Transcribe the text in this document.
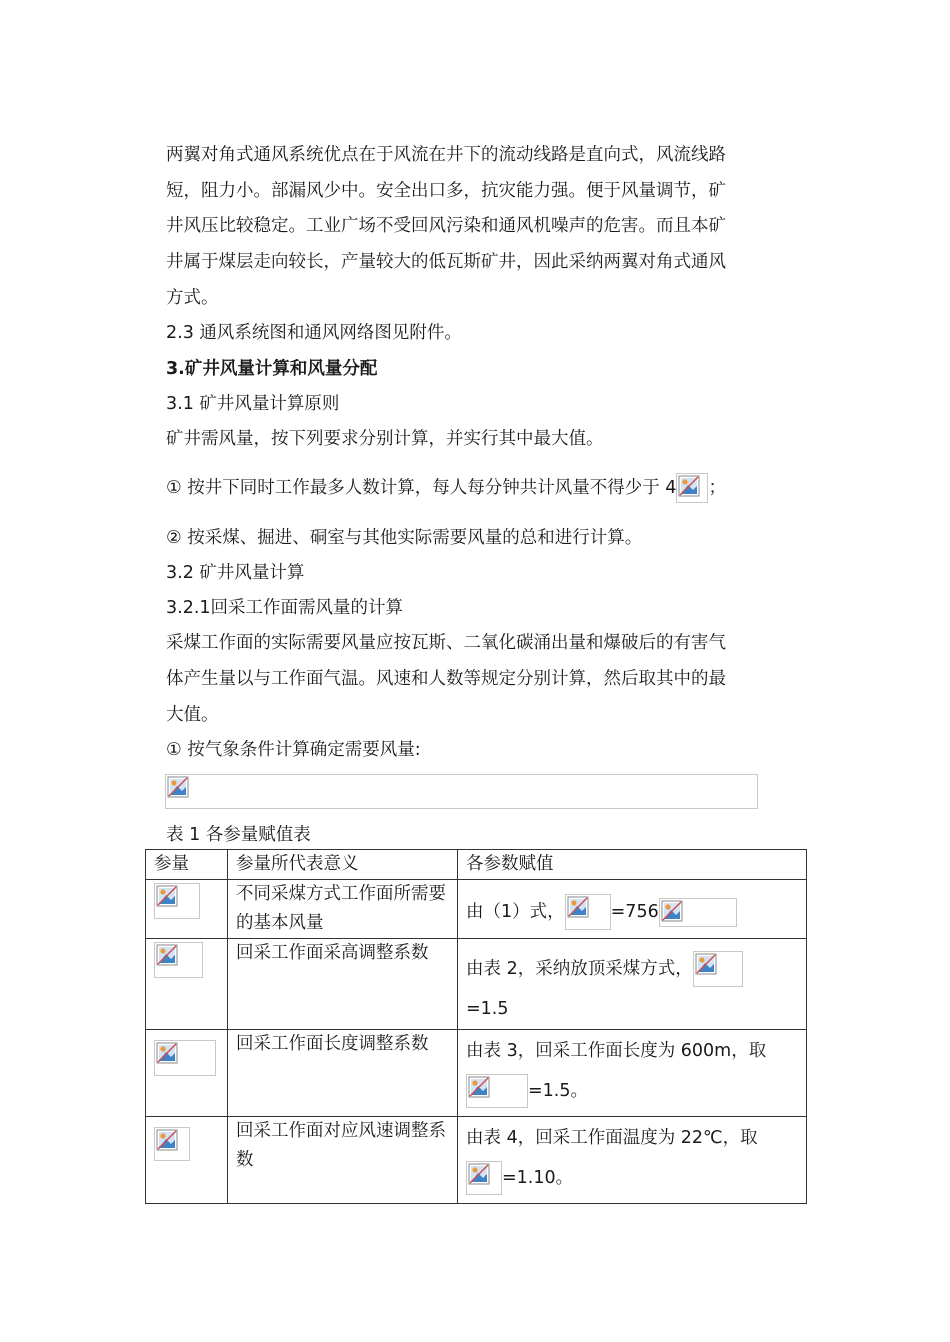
两翼对角式通风系统优点在于风流在井下的流动线路是直向式，风流线路
短，阻力小。部漏风少中。安全出口多，抗灾能力强。便于风量调节，矿
井风压比较稳定。工业广场不受回风污染和通风机噪声的危害。而且本矿
井属于煤层走向较长，产量较大的低瓦斯矿井，因此采纳两翼对角式通风
方式。
2.3 通风系统图和通风网络图见附件。
3.矿井风量计算和风量分配
3.1 矿井风量计算原则
矿井需风量，按下列要求分别计算，并实行其中最大值。
① 按井下同时工作最多人数计算，每人每分钟共计风量不得少于 4 ；
② 按采煤、掘进、硐室与其他实际需要风量的总和进行计算。
3.2 矿井风量计算
3.2.1回采工作面需风量的计算
采煤工作面的实际需要风量应按瓦斯、二氧化碳涌出量和爆破后的有害气
体产生量以与工作面气温。风速和人数等规定分别计算，然后取其中的最
大值。
① 按气象条件计算确定需要风量:
表 1 各参量赋值表
参量	参量所代表意义	各参数赋值

	不同采煤方式工作面所需要的基本风量	由（1）式， =756

	回采工作面采高调整系数	由表 2，采纳放顶采煤方式，

=1.5

	回采工作面长度调整系数	由表 3，回采工作面长度为 600m，取

=1.5。

	回采工作面对应风速调整系数	由表 4，回采工作面温度为 22℃，取

=1.10。
